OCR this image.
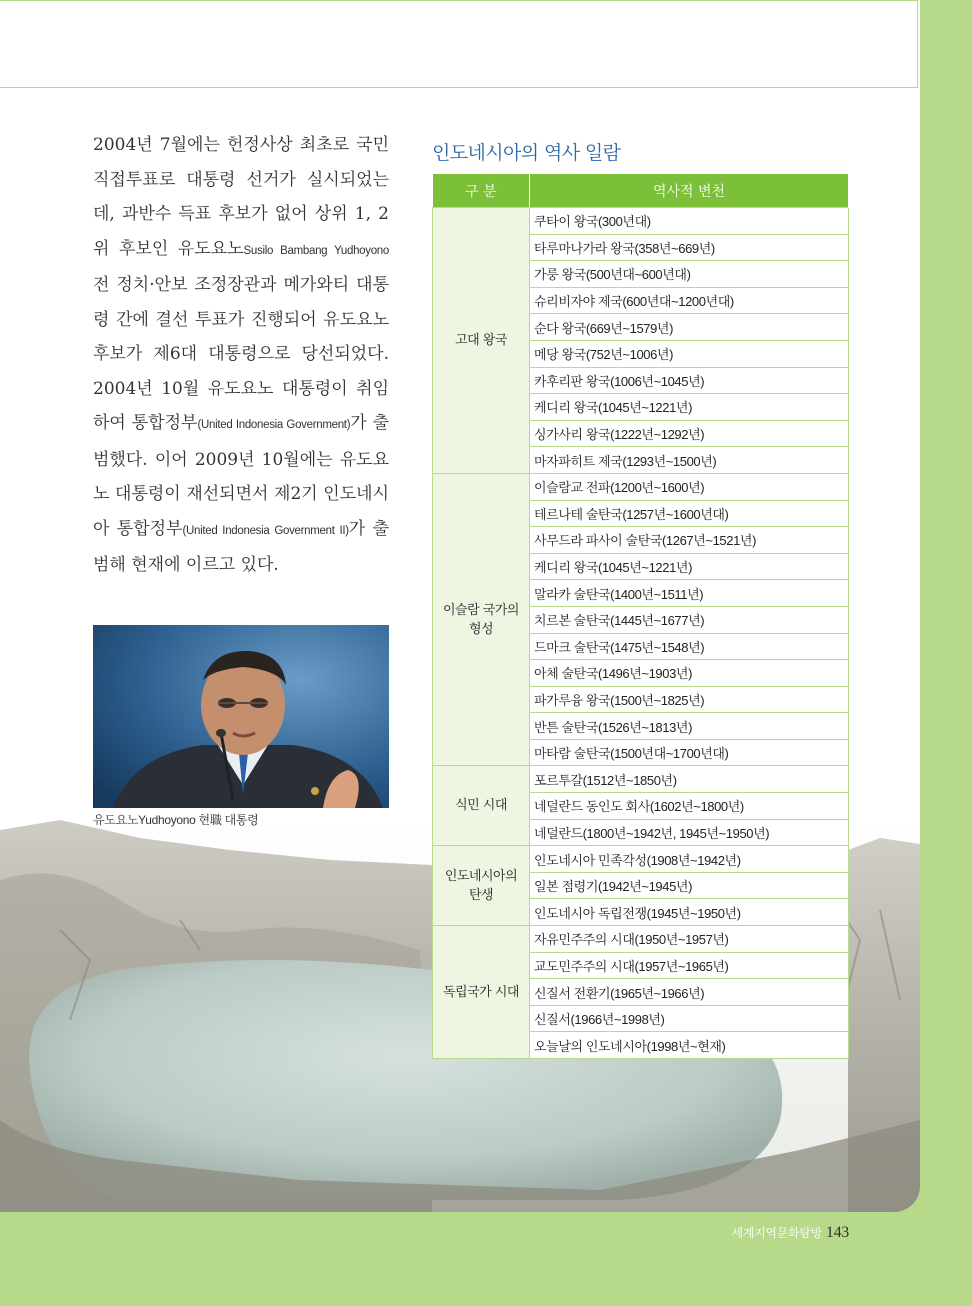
2004년 7월에는 헌정사상 최초로 국민 직접투표로 대통령 선거가 실시되었는데, 과반수 득표 후보가 없어 상위 1, 2위 후보인 유도요노Susilo Bambang Yudhoyono 전 정치·안보 조정장관과 메가와티 대통령 간에 결선 투표가 진행되어 유도요노 후보가 제6대 대통령으로 당선되었다. 2004년 10월 유도요노 대통령이 취임하여 통합정부(United Indonesia Government)가 출범했다. 이어 2009년 10월에는 유도요노 대통령이 재선되면서 제2기 인도네시아 통합정부(United Indonesia Government II)가 출범해 현재에 이르고 있다.
유도요노Yudhoyono 현職 대통령
인도네시아의 역사 일람
구 분	역사적 변천
고대 왕국	쿠타이 왕국(300년대)
	타루마나가라 왕국(358년~669년)
	가룽 왕국(500년대~600년대)
	슈리비자야 제국(600년대~1200년대)
	순다 왕국(669년~1579년)
	메당 왕국(752년~1006년)
	카후리판 왕국(1006년~1045년)
	케디리 왕국(1045년~1221년)
	싱가사리 왕국(1222년~1292년)
	마자파히트 제국(1293년~1500년)
이슬람 국가의 형성	이슬람교 전파(1200년~1600년)
	테르나테 술탄국(1257년~1600년대)
	사무드라 파사이 술탄국(1267년~1521년)
	케디리 왕국(1045년~1221년)
	말라카 술탄국(1400년~1511년)
	치르본 술탄국(1445년~1677년)
	드마크 술탄국(1475년~1548년)
	아체 술탄국(1496년~1903년)
	파가루융 왕국(1500년~1825년)
	반튼 술탄국(1526년~1813년)
	마타람 술탄국(1500년대~1700년대)
식민 시대	포르투갈(1512년~1850년)
	네덜란드 동인도 회사(1602년~1800년)
	네덜란드(1800년~1942년, 1945년~1950년)
인도네시아의 탄생	인도네시아 민족각성(1908년~1942년)
	일본 점령기(1942년~1945년)
	인도네시아 독립전쟁(1945년~1950년)
독립국가 시대	자유민주주의 시대(1950년~1957년)
	교도민주주의 시대(1957년~1965년)
	신질서 전환기(1965년~1966년)
	신질서(1966년~1998년)
	오늘날의 인도네시아(1998년~현재)
세계지역문화탐방 143
